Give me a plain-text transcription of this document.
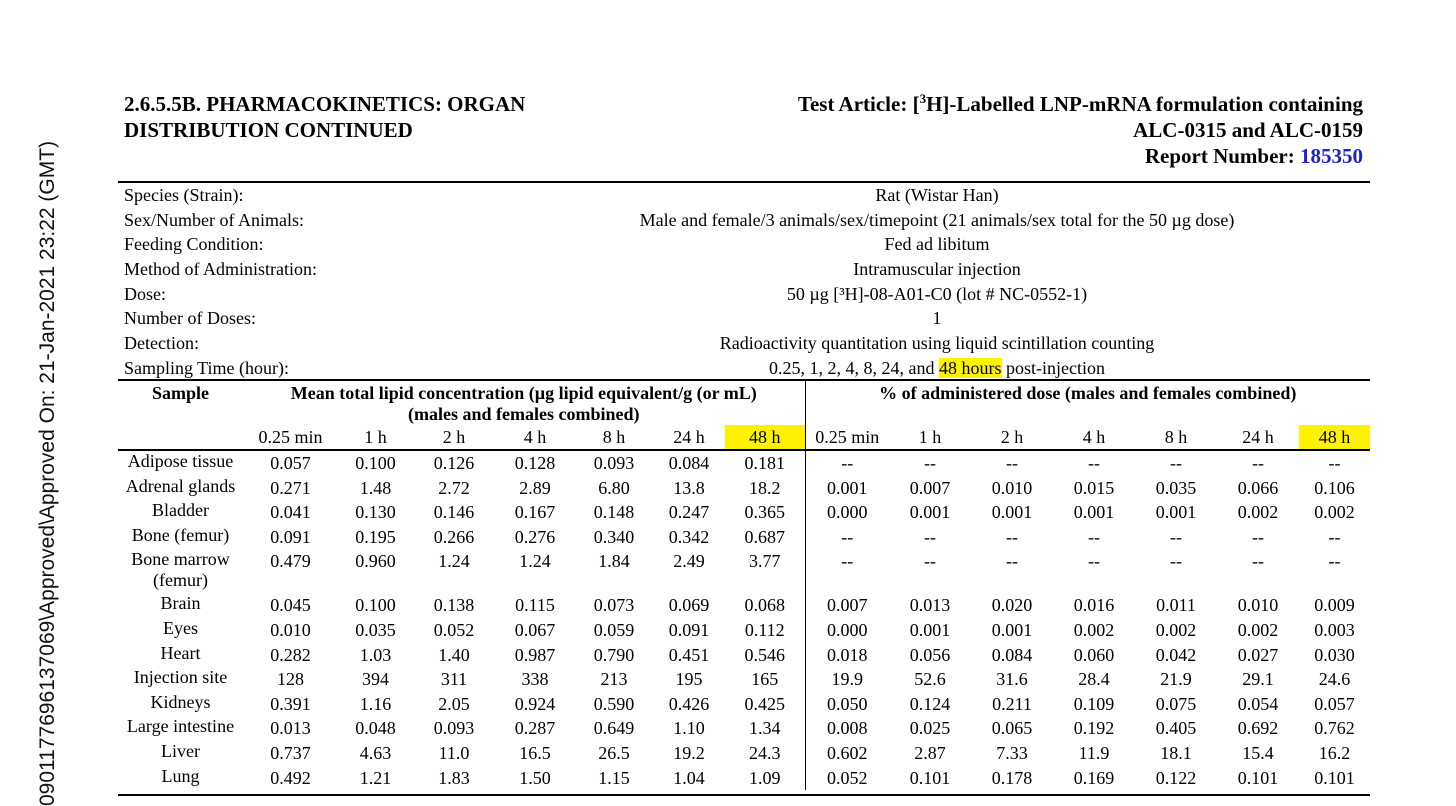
0901177696137069\Approved\Approved On: 21-Jan-2021 23:22 (GMT)
2.6.5.5B. PHARMACOKINETICS: ORGAN
DISTRIBUTION CONTINUED
Test Article: [$^3$H]-Labelled LNP-mRNA formulation containing
ALC-0315 and ALC-0159
Report Number: 185350
Species (Strain):	Rat (Wistar Han)
Sex/Number of Animals:	Male and female/3 animals/sex/timepoint (21 animals/sex total for the 50 µg dose)
Feeding Condition:	Fed ad libitum
Method of Administration:	Intramuscular injection
Dose:	50 µg [³H]-08-A01-C0 (lot # NC-0552-1)
Number of Doses:	1
Detection:	Radioactivity quantitation using liquid scintillation counting
Sampling Time (hour):	0.25, 1, 2, 4, 8, 24, and 48 hours post-injection
Sample	Mean total lipid concentration (µg lipid equivalent/g (or mL)
(males and females combined)							% of administered dose (males and females combined)						
	0.25 min	1 h	2 h	4 h	8 h	24 h	48 h	0.25 min	1 h	2 h	4 h	8 h	24 h	48 h

Adipose tissue	0.057	0.100	0.126	0.128	0.093	0.084	0.181	--	--	--	--	--	--	--

Adrenal glands	0.271	1.48	2.72	2.89	6.80	13.8	18.2	0.001	0.007	0.010	0.015	0.035	0.066	0.106

Bladder	0.041	0.130	0.146	0.167	0.148	0.247	0.365	0.000	0.001	0.001	0.001	0.001	0.002	0.002

Bone (femur)	0.091	0.195	0.266	0.276	0.340	0.342	0.687	--	--	--	--	--	--	--

Bone marrow
(femur)	0.479	0.960	1.24	1.24	1.84	2.49	3.77	--	--	--	--	--	--	--

Brain	0.045	0.100	0.138	0.115	0.073	0.069	0.068	0.007	0.013	0.020	0.016	0.011	0.010	0.009

Eyes	0.010	0.035	0.052	0.067	0.059	0.091	0.112	0.000	0.001	0.001	0.002	0.002	0.002	0.003

Heart	0.282	1.03	1.40	0.987	0.790	0.451	0.546	0.018	0.056	0.084	0.060	0.042	0.027	0.030

Injection site	128	394	311	338	213	195	165	19.9	52.6	31.6	28.4	21.9	29.1	24.6

Kidneys	0.391	1.16	2.05	0.924	0.590	0.426	0.425	0.050	0.124	0.211	0.109	0.075	0.054	0.057

Large intestine	0.013	0.048	0.093	0.287	0.649	1.10	1.34	0.008	0.025	0.065	0.192	0.405	0.692	0.762

Liver	0.737	4.63	11.0	16.5	26.5	19.2	24.3	0.602	2.87	7.33	11.9	18.1	15.4	16.2

Lung	0.492	1.21	1.83	1.50	1.15	1.04	1.09	0.052	0.101	0.178	0.169	0.122	0.101	0.101
